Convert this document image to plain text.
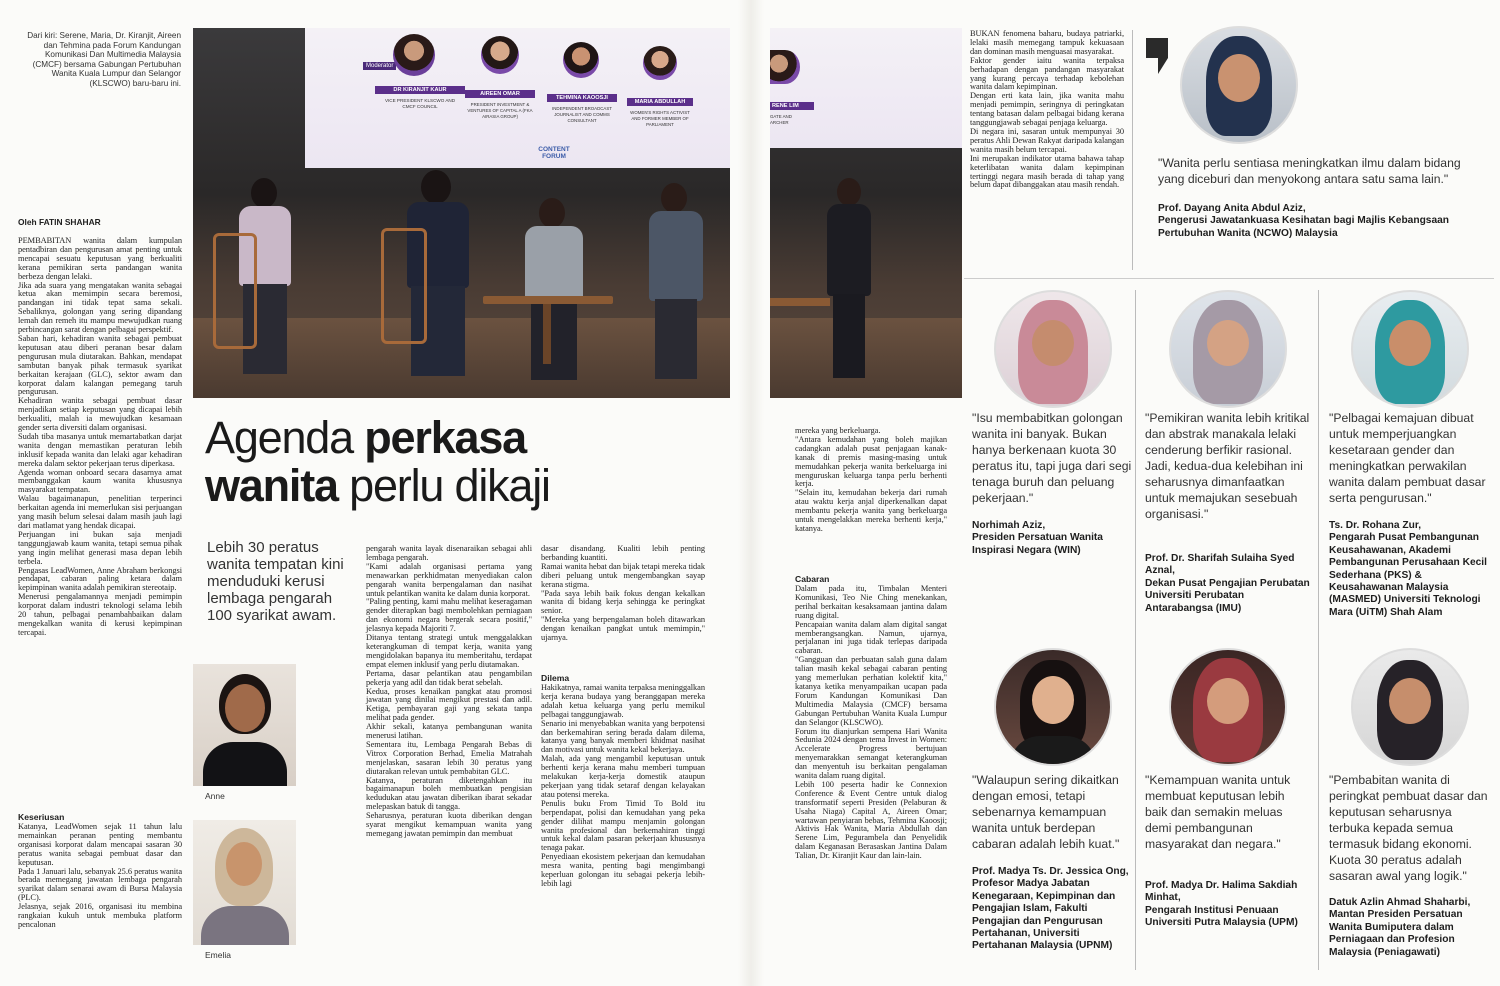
Dari kiri: Serene, Maria, Dr. Kiranjit, Aireen dan Tehmina pada Forum Kandungan Komunikasi Dan Multimedia Malaysia (CMCF) bersama Gabungan Pertubuhan Wanita Kuala Lumpur dan Selangor (KLSCWO) baru-baru ini.
Moderator
DR KIRANJIT KAUR
VICE PRESIDENT KLSCWO AND CMCF COUNCIL
AIREEN OMAR
PRESIDENT INVESTMENT & VENTURES OF CAPITAL A (FKA AIRASIA GROUP)
TEHMINA KAOOSJI
INDEPENDENT BROADCAST JOURNALIST AND COMMS CONSULTANT
MARIA ABDULLAH
WOMEN'S RIGHTS ACTIVIST AND FORMER MEMBER OF PARLIAMENT
CONTENT FORUM
RENE LIM
GATE AND ARCHER
Oleh FATIN SHAHAR
PEMBABITAN wanita dalam kumpulan pentadbiran dan pengurusan amat penting untuk mencapai sesuatu keputusan yang berkualiti kerana pemikiran serta pandangan wanita berbeza dengan lelaki.
Jika ada suara yang mengatakan wanita sebagai ketua akan memimpin secara beremosi, pandangan ini tidak tepat sama sekali. Sebaliknya, golongan yang sering dipandang lemah dan remeh itu mampu mewujudkan ruang perbincangan sarat dengan pelbagai perspektif.
Saban hari, kehadiran wanita sebagai pembuat keputusan atau diberi peranan besar dalam pengurusan mula diutarakan. Bahkan, mendapat sambutan banyak pihak termasuk syarikat berkaitan kerajaan (GLC), sektor awam dan korporat dalam kalangan pemegang taruh pengurusan.
Kehadiran wanita sebagai pembuat dasar menjadikan setiap keputusan yang dicapai lebih berkualiti, malah ia mewujudkan kesamaan gender serta diversiti dalam organisasi.
Sudah tiba masanya untuk memartabatkan darjat wanita dengan memastikan peraturan lebih inklusif kepada wanita dan lelaki agar kehadiran mereka dalam sektor pekerjaan terus diperkasa.
Agenda woman onboard secara dasarnya amat membanggakan kaum wanita khususnya masyarakat tempatan.
Walau bagaimanapun, penelitian terperinci berkaitan agenda ini memerlukan sisi perjuangan yang masih belum selesai dalam masih jauh lagi dari matlamat yang hendak dicapai.
Perjuangan ini bukan saja menjadi tanggungjawab kaum wanita, tetapi semua pihak yang ingin melihat generasi masa depan lebih terbela.
Pengasas LeadWomen, Anne Abraham berkongsi pendapat, cabaran paling ketara dalam kepimpinan wanita adalah pemikiran stereotaip.
Menerusi pengalamannya menjadi pemimpin korporat dalam industri teknologi selama lebih 20 tahun, pelbagai penambahbaikan dalam mengekalkan wanita di kerusi kepimpinan tercapai.
Keseriusan
Katanya, LeadWomen sejak 11 tahun lalu memainkan peranan penting membantu organisasi korporat dalam mencapai sasaran 30 peratus wanita sebagai pembuat dasar dan keputusan.
Pada 1 Januari lalu, sebanyak 25.6 peratus wanita berada memegang jawatan lembaga pengarah syarikat dalam senarai awam di Bursa Malaysia (PLC).
Jelasnya, sejak 2016, organisasi itu membina rangkaian kukuh untuk membuka platform pencalonan
Agenda perkasa
wanita perlu dikaji
Lebih 30 peratus wanita tempatan kini menduduki kerusi lembaga pengarah 100 syarikat awam.
Anne
Emelia
pengarah wanita layak disenaraikan sebagai ahli lembaga pengarah.
"Kami adalah organisasi pertama yang menawarkan perkhidmatan menyediakan calon pengarah wanita berpengalaman dan nasihat untuk pelantikan wanita ke dalam dunia korporat.
"Paling penting, kami mahu melihat keseragaman gender diterapkan bagi membolehkan perniagaan dan ekonomi negara bergerak secara positif," jelasnya kepada Majoriti 7.
Ditanya tentang strategi untuk menggalakkan keterangkuman di tempat kerja, wanita yang mengidolakan bapanya itu memberitahu, terdapat empat elemen inklusif yang perlu diutamakan.
Pertama, dasar pelantikan atau pengambilan pekerja yang adil dan tidak berat sebelah.
Kedua, proses kenaikan pangkat atau promosi jawatan yang dinilai mengikut prestasi dan adil. Ketiga, pembayaran gaji yang sekata tanpa melihat pada gender.
Akhir sekali, katanya pembangunan wanita menerusi latihan.
Sementara itu, Lembaga Pengarah Bebas di Vitrox Corporation Berhad, Emelia Matrahah menjelaskan, sasaran lebih 30 peratus yang diutarakan relevan untuk pembabitan GLC.
Katanya, peraturan diketengahkan itu bagaimanapun boleh membuatkan pengisian kedudukan atau jawatan diberikan ibarat sekadar melepaskan batuk di tangga.
Seharusnya, peraturan kuota diberikan dengan syarat mengikut kemampuan wanita yang memegang jawatan pemimpin dan membuat
dasar disandang. Kualiti lebih penting berbanding kuantiti.
Ramai wanita hebat dan bijak tetapi mereka tidak diberi peluang untuk mengembangkan sayap kerana stigma.
"Pada saya lebih baik fokus dengan kekalkan wanita di bidang kerja sehingga ke peringkat senior.
"Mereka yang berpengalaman boleh ditawarkan dengan kenaikan pangkat untuk memimpin," ujarnya.
Dilema
Hakikatnya, ramai wanita terpaksa meninggalkan kerja kerana budaya yang beranggapan mereka adalah ketua keluarga yang perlu memikul pelbagai tanggungjawab.
Senario ini menyebabkan wanita yang berpotensi dan berkemahiran sering berada dalam dilema, katanya yang banyak memberi khidmat nasihat dan motivasi untuk wanita kekal bekerjaya.
Malah, ada yang mengambil keputusan untuk berhenti kerja kerana mahu memberi tumpuan melakukan kerja-kerja domestik ataupun pekerjaan yang tidak setaraf dengan kelayakan atau potensi mereka.
Penulis buku From Timid To Bold itu berpendapat, polisi dan kemudahan yang peka gender dilihat mampu menjamin golongan wanita profesional dan berkemahiran tinggi untuk kekal dalam pasaran pekerjaan khususnya tenaga pakar.
Penyediaan ekosistem pekerjaan dan kemudahan mesra wanita, penting bagi mengimbangi keperluan golongan itu sebagai pekerja lebih-lebih lagi
mereka yang berkeluarga.
"Antara kemudahan yang boleh majikan cadangkan adalah pusat penjagaan kanak-kanak di premis masing-masing untuk memudahkan pekerja wanita berkeluarga ini menguruskan keluarga tanpa perlu berhenti kerja.
"Selain itu, kemudahan bekerja dari rumah atau waktu kerja anjal diperkenalkan dapat membantu pekerja wanita yang berkeluarga untuk mengelakkan mereka berhenti kerja," katanya.
Cabaran
Dalam pada itu, Timbalan Menteri Komunikasi, Teo Nie Ching menekankan, perihal berkaitan kesaksamaan jantina dalam ruang digital.
Pencapaian wanita dalam alam digital sangat memberangsangkan. Namun, ujarnya, perjalanan ini juga tidak terlepas daripada cabaran.
"Gangguan dan perbuatan salah guna dalam talian masih kekal sebagai cabaran penting yang memerlukan perhatian kolektif kita," katanya ketika menyampaikan ucapan pada Forum Kandungan Komunikasi Dan Multimedia Malaysia (CMCF) bersama Gabungan Pertubuhan Wanita Kuala Lumpur dan Selangor (KLSCWO).
Forum itu dianjurkan sempena Hari Wanita Sedunia 2024 dengan tema Invest in Women: Accelerate Progress bertujuan menyemarakkan semangat keterangkuman dan menyentuh isu berkaitan pengalaman wanita dalam ruang digital.
Lebih 100 peserta hadir ke Connexion Conference & Event Centre untuk dialog transformatif seperti Presiden (Pelaburan & Usaha Niaga) Capital A, Aireen Omar; wartawan penyiaran bebas, Tehmina Kaoosji; Aktivis Hak Wanita, Maria Abdullah dan Serene Lim, Pegurambela dan Penyelidik dalam Keganasan Berasaskan Jantina Dalam Talian, Dr. Kiranjit Kaur dan lain-lain.
BUKAN fenomena baharu, budaya patriarki, lelaki masih memegang tampuk kekuasaan dan dominan masih menguasai masyarakat.
Faktor gender iaitu wanita terpaksa berhadapan dengan pandangan masyarakat yang kurang percaya terhadap kebolehan wanita dalam kepimpinan.
Dengan erti kata lain, jika wanita mahu menjadi pemimpin, seringnya di peringkatan tentang batasan dalam pelbagai bidang kerana tanggungjawab sebagai penjaga keluarga.
Di negara ini, sasaran untuk mempunyai 30 peratus Ahli Dewan Rakyat daripada kalangan wanita masih belum tercapai.
Ini merupakan indikator utama bahawa tahap keterlibatan wanita dalam kepimpinan tertinggi negara masih berada di tahap yang belum dapat dibanggakan atau masih rendah.
"Wanita perlu sentiasa meningkatkan ilmu dalam bidang yang diceburi dan menyokong antara satu sama lain."
Prof. Dayang Anita Abdul Aziz,
Pengerusi Jawatankuasa Kesihatan bagi Majlis Kebangsaan Pertubuhan Wanita (NCWO) Malaysia
"Isu membabitkan golongan wanita ini banyak. Bukan hanya berkenaan kuota 30 peratus itu, tapi juga dari segi tenaga buruh dan peluang pekerjaan."
Norhimah Aziz,
Presiden Persatuan Wanita Inspirasi Negara (WIN)
"Pemikiran wanita lebih kritikal dan abstrak manakala lelaki cenderung berfikir rasional. Jadi, kedua-dua kelebihan ini seharusnya dimanfaatkan untuk memajukan sesebuah organisasi."
Prof. Dr. Sharifah Sulaiha Syed Aznal,
Dekan Pusat Pengajian Perubatan Universiti Perubatan Antarabangsa (IMU)
"Pelbagai kemajuan dibuat untuk memperjuangkan kesetaraan gender dan meningkatkan perwakilan wanita dalam pembuat dasar serta pengurusan."
Ts. Dr. Rohana Zur,
Pengarah Pusat Pembangunan Keusahawanan, Akademi Pembangunan Perusahaan Kecil Sederhana (PKS) & Keusahawanan Malaysia (MASMED) Universiti Teknologi Mara (UiTM) Shah Alam
"Walaupun sering dikaitkan dengan emosi, tetapi sebenarnya kemampuan wanita untuk berdepan cabaran adalah lebih kuat."
Prof. Madya Ts. Dr. Jessica Ong,
Profesor Madya Jabatan Kenegaraan, Kepimpinan dan Pengajian Islam, Fakulti Pengajian dan Pengurusan Pertahanan, Universiti Pertahanan Malaysia (UPNM)
"Kemampuan wanita untuk membuat keputusan lebih baik dan semakin meluas demi pembangunan masyarakat dan negara."
Prof. Madya Dr. Halima Sakdiah Minhat,
Pengarah Institusi Penuaan Universiti Putra Malaysia (UPM)
"Pembabitan wanita di peringkat pembuat dasar dan keputusan seharusnya terbuka kepada semua termasuk bidang ekonomi. Kuota 30 peratus adalah sasaran awal yang logik."
Datuk Azlin Ahmad Shaharbi,
Mantan Presiden Persatuan Wanita Bumiputera dalam Perniagaan dan Profesion Malaysia (Peniagawati)
